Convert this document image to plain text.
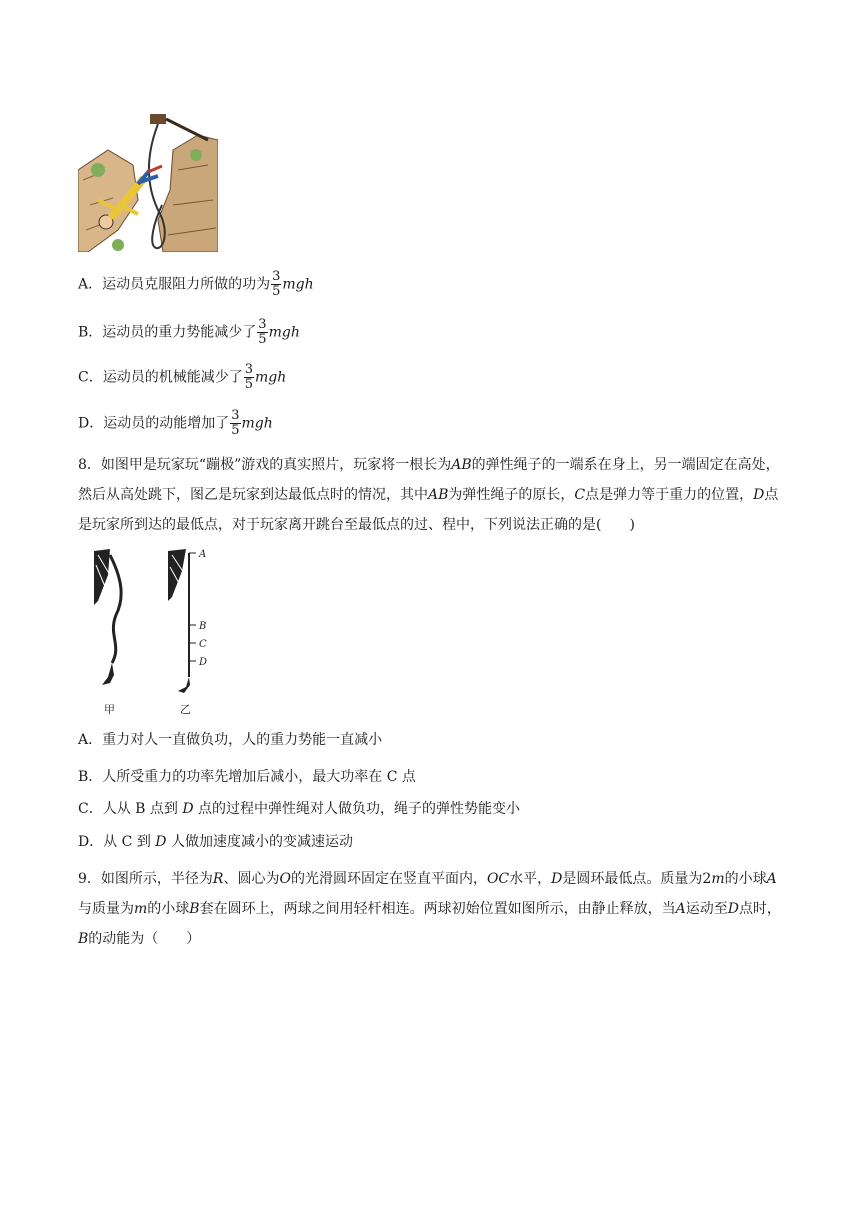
A．运动员克服阻力所做的功为 $\frac{3}{5}$ mgh
B．运动员的重力势能减少了 $\frac{3}{5}$ mgh
C．运动员的机械能减少了 $\frac{3}{5}$ mgh
D．运动员的动能增加了 $\frac{3}{5}$ mgh
8．如图甲是玩家玩“蹦极”游戏的真实照片，玩家将一根长为AB的弹性绳子的一端系在身上，另一端固定在高处，然后从高处跳下，图乙是玩家到达最低点时的情况，其中AB为弹性绳子的原长，C点是弹力等于重力的位置，D点是玩家所到达的最低点，对于玩家离开跳台至最低点的过、程中，下列说法正确的是(　　)
甲
A
B
C
D
乙
A．重力对人一直做负功，人的重力势能一直减小
B．人所受重力的功率先增加后减小，最大功率在 C 点
C．人从 B 点到 D 点的过程中弹性绳对人做负功，绳子的弹性势能变小
D．从 C 到 D 人做加速度减小的变减速运动
9．如图所示，半径为R、圆心为O的光滑圆环固定在竖直平面内，OC水平，D是圆环最低点。质量为2m的小球A与质量为m的小球B套在圆环上，两球之间用轻杆相连。两球初始位置如图所示，由静止释放，当A运动至D点时，B的动能为（　　）
